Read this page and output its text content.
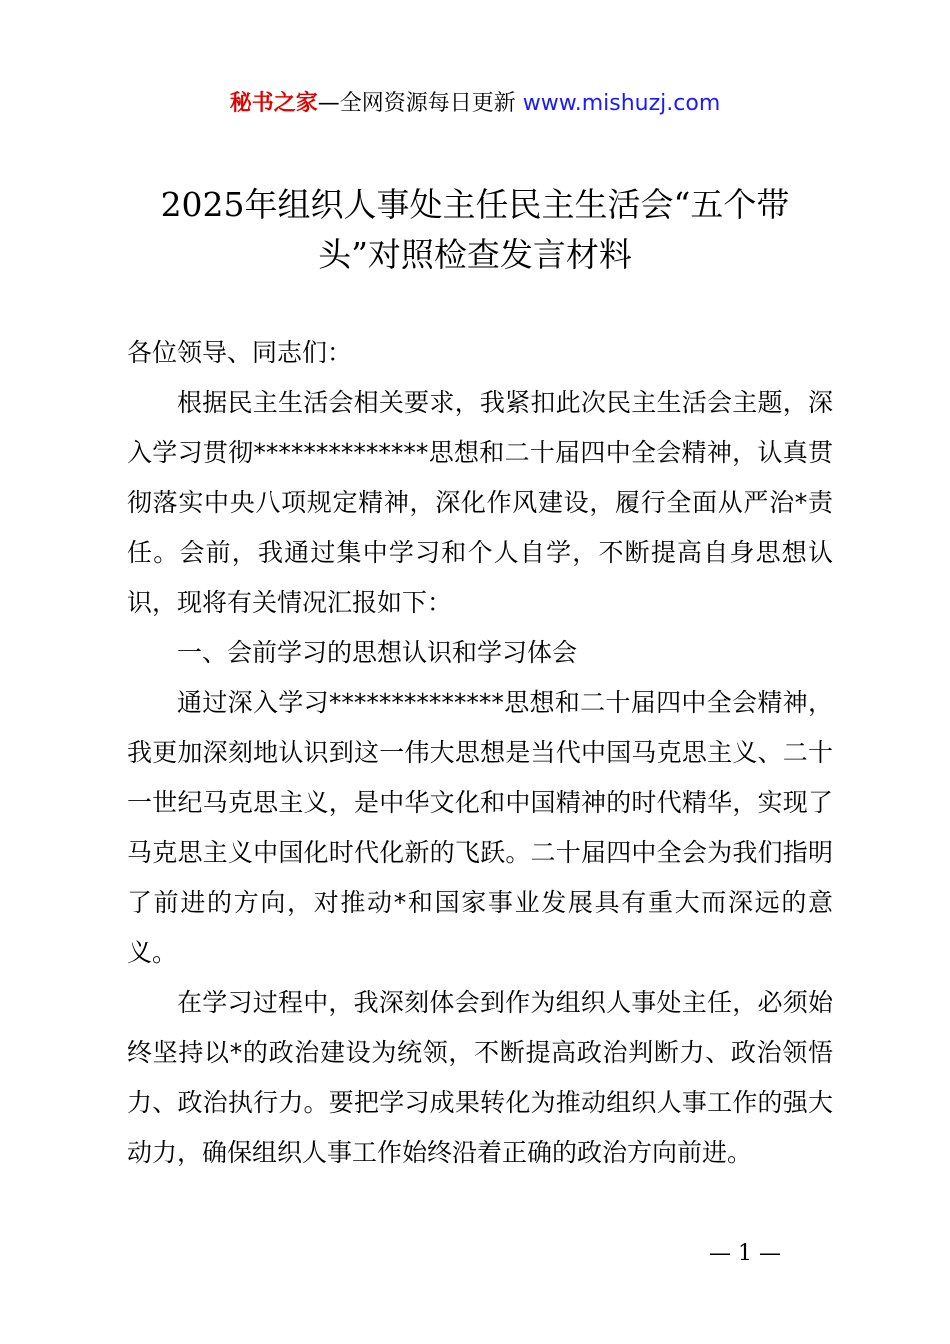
秘书之家—全网资源每日更新 www.mishuzj.com
2025年组织人事处主任民主生活会“五个带
头”对照检查发言材料

各位领导、同志们：

根据民主生活会相关要求，我紧扣此次民主生活会主题，深入学习贯彻**************思想和二十届四中全会精神，认真贯彻落实中央八项规定精神，深化作风建设，履行全面从严治*责任。会前，我通过集中学习和个人自学，不断提高自身思想认识，现将有关情况汇报如下：

一、会前学习的思想认识和学习体会

通过深入学习**************思想和二十届四中全会精神，我更加深刻地认识到这一伟大思想是当代中国马克思主义、二十一世纪马克思主义，是中华文化和中国精神的时代精华，实现了马克思主义中国化时代化新的飞跃。二十届四中全会为我们指明了前进的方向，对推动*和国家事业发展具有重大而深远的意义。

在学习过程中，我深刻体会到作为组织人事处主任，必须始终坚持以*的政治建设为统领，不断提高政治判断力、政治领悟力、政治执行力。要把学习成果转化为推动组织人事工作的强大动力，确保组织人事工作始终沿着正确的政治方向前进。

— 1 —
